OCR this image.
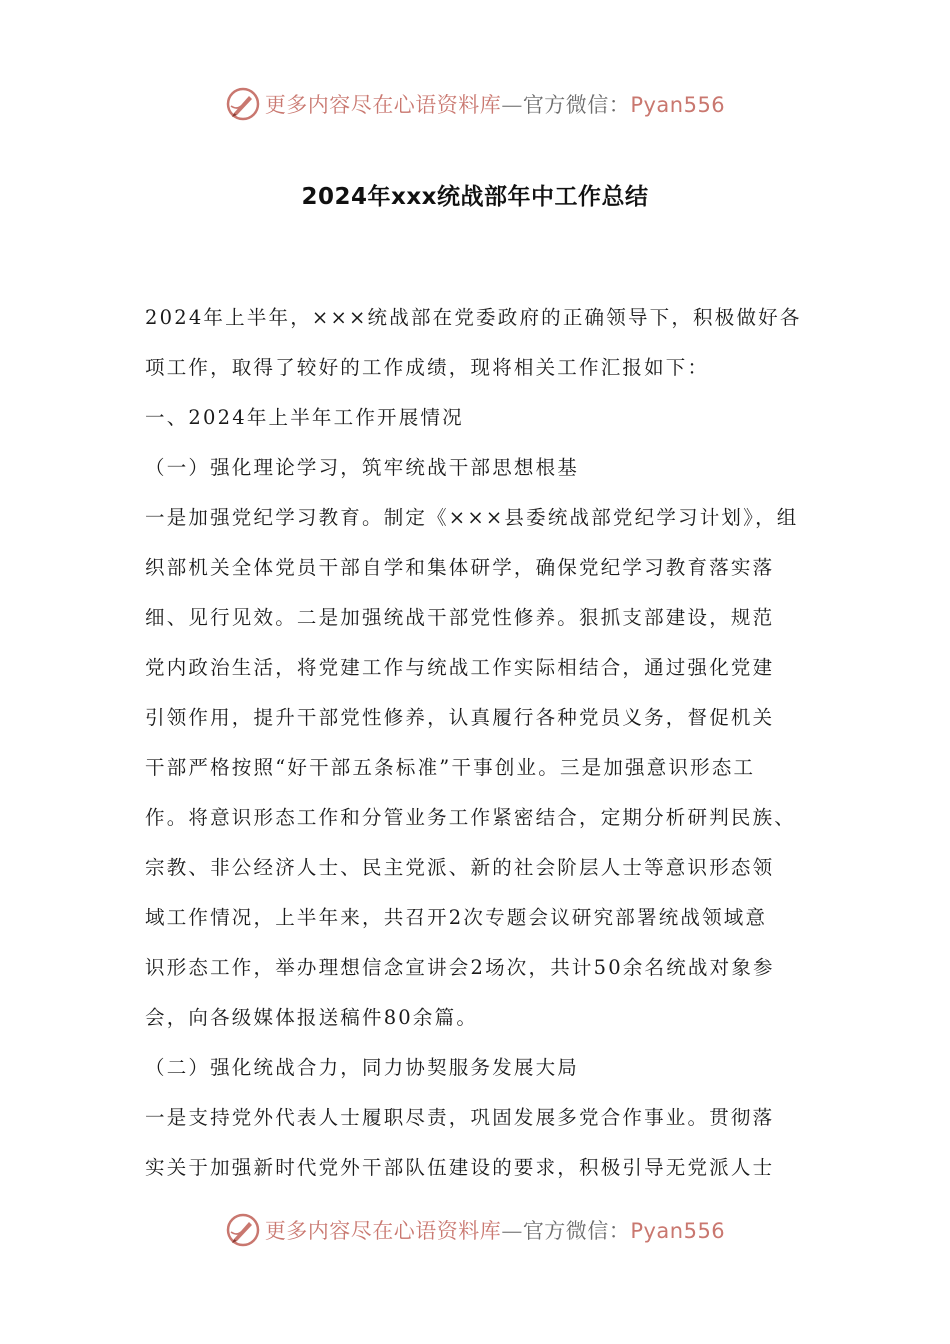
更多内容尽在心语资料库—官方微信：Pyan556
2024年xxx统战部年中工作总结
2024年上半年，×××统战部在党委政府的正确领导下，积极做好各
项工作，取得了较好的工作成绩，现将相关工作汇报如下：
一、2024年上半年工作开展情况
（一）强化理论学习，筑牢统战干部思想根基
一是加强党纪学习教育。制定《×××县委统战部党纪学习计划》，组
织部机关全体党员干部自学和集体研学，确保党纪学习教育落实落
细、见行见效。二是加强统战干部党性修养。狠抓支部建设，规范
党内政治生活，将党建工作与统战工作实际相结合，通过强化党建
引领作用，提升干部党性修养，认真履行各种党员义务，督促机关
干部严格按照“好干部五条标准”干事创业。三是加强意识形态工
作。将意识形态工作和分管业务工作紧密结合，定期分析研判民族、
宗教、非公经济人士、民主党派、新的社会阶层人士等意识形态领
域工作情况，上半年来，共召开2次专题会议研究部署统战领域意
识形态工作，举办理想信念宣讲会2场次，共计50余名统战对象参
会，向各级媒体报送稿件80余篇。
（二）强化统战合力，同力协契服务发展大局
一是支持党外代表人士履职尽责，巩固发展多党合作事业。贯彻落
实关于加强新时代党外干部队伍建设的要求，积极引导无党派人士
更多内容尽在心语资料库—官方微信：Pyan556
